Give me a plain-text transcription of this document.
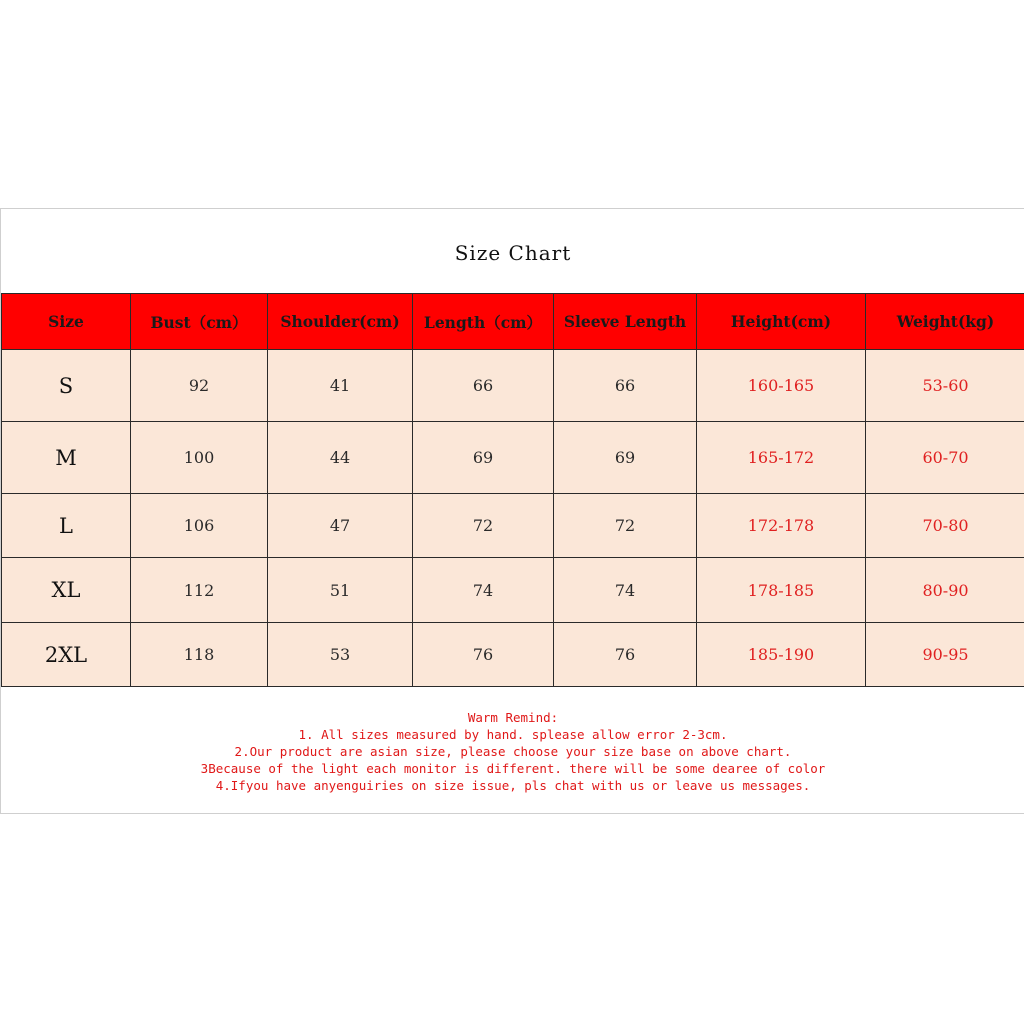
Size Chart
Size	Bust（cm）	Shoulder(cm)	Length（cm）	Sleeve Length	Height(cm)	Weight(kg)
S	92	41	66	66	160-165	53-60
M	100	44	69	69	165-172	60-70
L	106	47	72	72	172-178	70-80
XL	112	51	74	74	178-185	80-90
2XL	118	53	76	76	185-190	90-95
Warm Remind:
1. All sizes measured by hand. splease allow error 2-3cm.
2.Our product are asian size, please choose your size base on above chart.
3Because of the light each monitor is different. there will be some dearee of color
4.Ifyou have anyenguiries on size issue, pls chat with us or leave us messages.
